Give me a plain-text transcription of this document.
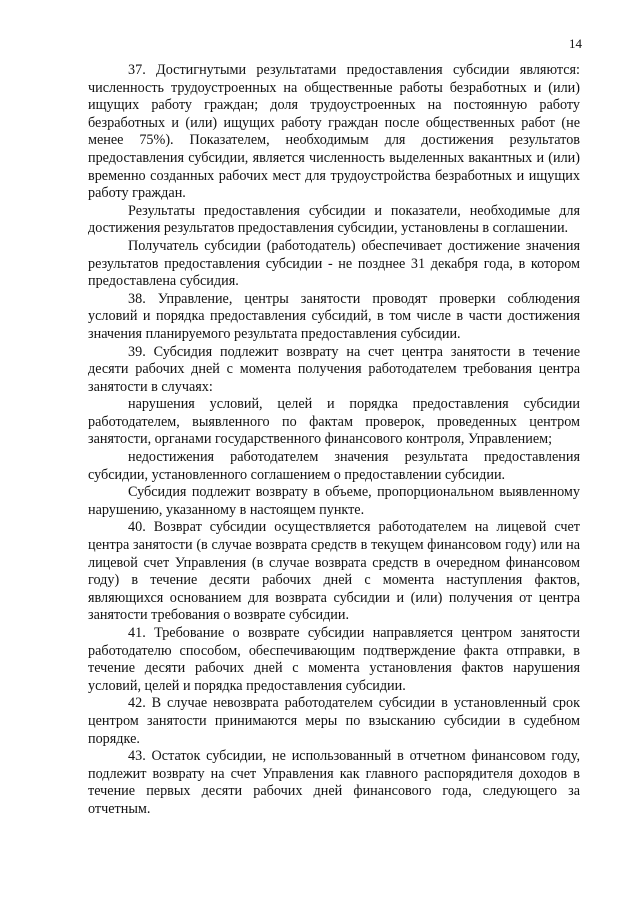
14

37. Достигнутыми результатами предоставления субсидии являются: численность трудоустроенных на общественные работы безработных и (или) ищущих работу граждан; доля трудоустроенных на постоянную работу безработных и (или) ищущих работу граждан после общественных работ (не менее 75%). Показателем, необходимым для достижения результатов предоставления субсидии, является численность выделенных вакантных и (или) временно созданных рабочих мест для трудоустройства безработных и ищущих работу граждан.

Результаты предоставления субсидии и показатели, необходимые для достижения результатов предоставления субсидии, установлены в соглашении.

Получатель субсидии (работодатель) обеспечивает достижение значения результатов предоставления субсидии - не позднее 31 декабря года, в котором предоставлена субсидия.

38. Управление, центры занятости проводят проверки соблюдения условий и порядка предоставления субсидий, в том числе в части достижения значения планируемого результата предоставления субсидии.

39. Субсидия подлежит возврату на счет центра занятости в течение десяти рабочих дней с момента получения работодателем требования центра занятости в случаях:

нарушения условий, целей и порядка предоставления субсидии работодателем, выявленного по фактам проверок, проведенных центром занятости, органами государственного финансового контроля, Управлением;

недостижения работодателем значения результата предоставления субсидии, установленного соглашением о предоставлении субсидии.

Субсидия подлежит возврату в объеме, пропорциональном выявленному нарушению, указанному в настоящем пункте.

40. Возврат субсидии осуществляется работодателем на лицевой счет центра занятости (в случае возврата средств в текущем финансовом году) или на лицевой счет Управления (в случае возврата средств в очередном финансовом году) в течение десяти рабочих дней с момента наступления фактов, являющихся основанием для возврата субсидии и (или) получения от центра занятости требования о возврате субсидии.

41. Требование о возврате субсидии направляется центром занятости работодателю способом, обеспечивающим подтверждение факта отправки, в течение десяти рабочих дней с момента установления фактов нарушения условий, целей и порядка предоставления субсидии.

42. В случае невозврата работодателем субсидии в установленный срок центром занятости принимаются меры по взысканию субсидии в судебном порядке.

43. Остаток субсидии, не использованный в отчетном финансовом году, подлежит возврату на счет Управления как главного распорядителя доходов в течение первых десяти рабочих дней финансового года, следующего за отчетным.
